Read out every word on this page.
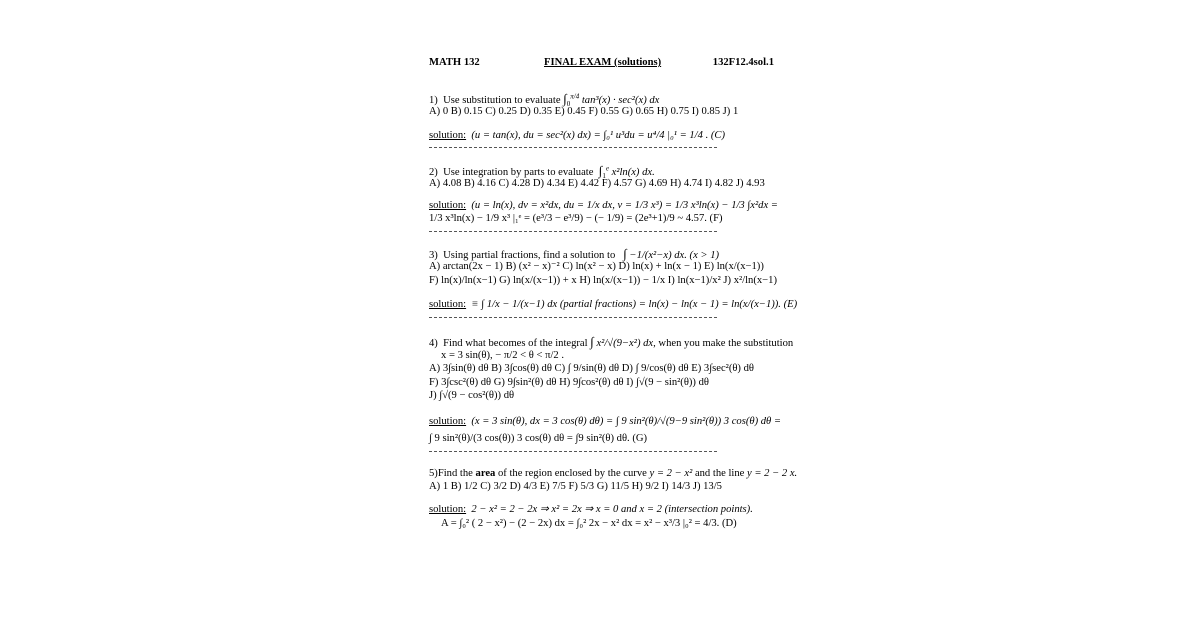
MATH 132	FINAL EXAM (solutions)	132F12.4sol.1
1) Use substitution to evaluate $\int_0^{\pi/4}$ tan³(x) · sec²(x) dx
A) 0 B) 0.15 C) 0.25 D) 0.35 E) 0.45 F) 0.55 G) 0.65 H) 0.75 I) 0.85 J) 1
solution: (u = tan(x), du = sec²(x) dx) = ∫₀¹ u³du = u⁴/4 |₀¹ = 1/4 . (C)
2) Use integration by parts to evaluate $\int_1^e$ x²ln(x) dx.
A) 4.08 B) 4.16 C) 4.28 D) 4.34 E) 4.42 F) 4.57 G) 4.69 H) 4.74 I) 4.82 J) 4.93
solution: (u = ln(x), dv = x²dx, du = 1/x dx, v = 1/3 x³) = 1/3 x³ln(x) − 1/3 ∫x²dx =
1/3 x³ln(x) − 1/9 x³ |₁ᵉ = (e³/3 − e³/9) − (− 1/9) = (2e³+1)/9 ~ 4.57. (F)
3) Using partial fractions, find a solution to ∫ −1/(x²−x) dx. (x > 1)
A) arctan(2x − 1) B) (x² − x)⁻² C) ln(x² − x) D) ln(x) + ln(x − 1) E) ln(x/(x−1))
F) ln(x)/ln(x−1) G) ln(x/(x−1)) + x H) ln(x/(x−1)) − 1/x I) ln(x−1)/x² J) x²/ln(x−1)
solution: ≡ ∫ 1/x − 1/(x−1) dx (partial fractions) = ln(x) − ln(x − 1) = ln(x/(x−1)). (E)
4) Find what becomes of the integral ∫ x²/√(9−x²) dx, when you make the substitution
x = 3 sin(θ), − π/2 < θ < π/2 .
A) 3∫sin(θ) dθ B) 3∫cos(θ) dθ C) ∫ 9/sin(θ) dθ D) ∫ 9/cos(θ) dθ E) 3∫sec²(θ) dθ
F) 3∫csc²(θ) dθ G) 9∫sin²(θ) dθ H) 9∫cos²(θ) dθ I) ∫√(9 − sin²(θ)) dθ
J) ∫√(9 − cos²(θ)) dθ
solution: (x = 3 sin(θ), dx = 3 cos(θ) dθ) = ∫ 9 sin²(θ)/√(9−9 sin²(θ)) 3 cos(θ) dθ =
∫ 9 sin²(θ)/(3 cos(θ)) 3 cos(θ) dθ = ∫9 sin²(θ) dθ. (G)
5)Find the area of the region enclosed by the curve y = 2 − x² and the line y = 2 − 2 x.
A) 1 B) 1/2 C) 3/2 D) 4/3 E) 7/5 F) 5/3 G) 11/5 H) 9/2 I) 14/3 J) 13/5
solution: 2 − x² = 2 − 2x ⇒ x² = 2x ⇒ x = 0 and x = 2 (intersection points).
A = ∫₀² ( 2 − x²) − (2 − 2x) dx = ∫₀² 2x − x² dx = x² − x³/3 |₀² = 4/3. (D)
